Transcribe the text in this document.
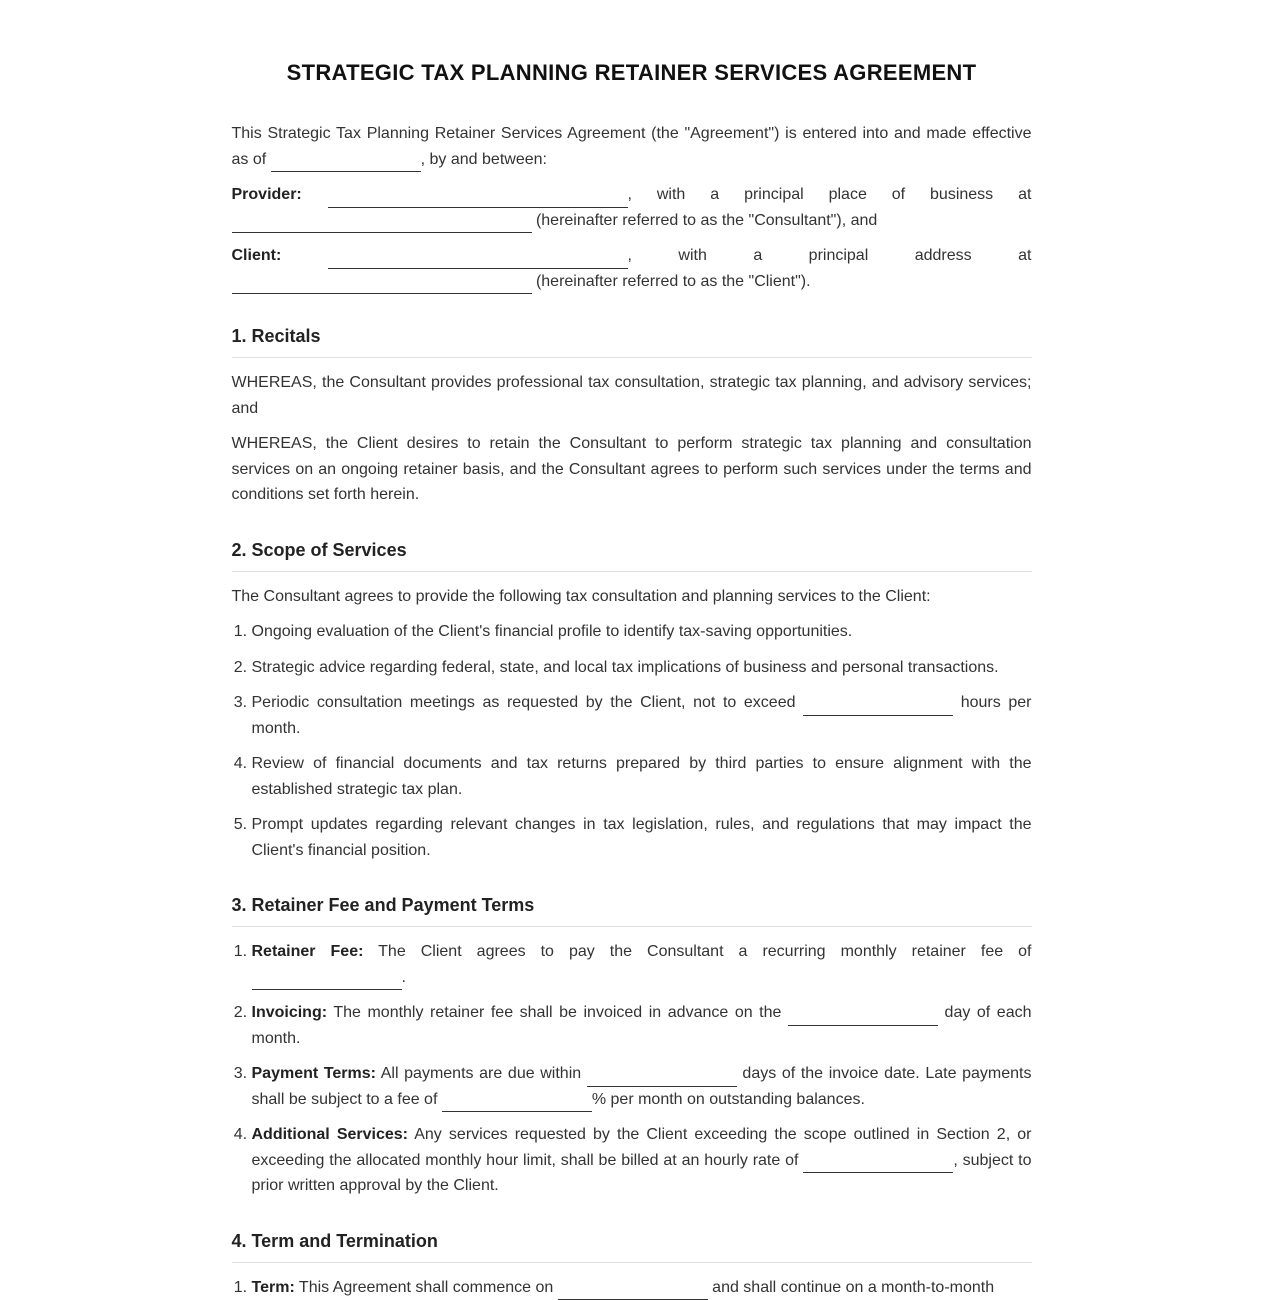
STRATEGIC TAX PLANNING RETAINER SERVICES AGREEMENT

This Strategic Tax Planning Retainer Services Agreement (the "Agreement") is entered into and made effective as of	, by and between:

Provider:	, with a principal place of business at
(hereinafter referred to as the "Consultant"), and
Client:	,	with	a	principal	address	at
(hereinafter referred to as the "Client").
1. Recitals

WHEREAS, the Consultant provides professional tax consultation, strategic tax planning, and advisory services; and

WHEREAS, the Client desires to retain the Consultant to perform strategic tax planning and consultation services on an ongoing retainer basis, and the Consultant agrees to perform such services under the terms and conditions set forth herein.

2. Scope of Services

The Consultant agrees to provide the following tax consultation and planning services to the Client:

1. Ongoing evaluation of the Client's financial profile to identify tax-saving opportunities.
2. Strategic advice regarding federal, state, and local tax implications of business and personal transactions.
3. Periodic consultation meetings as requested by the Client, not to exceed	hours per month.
4. Review of financial documents and tax returns prepared by third parties to ensure alignment with the established strategic tax plan.
5. Prompt updates regarding relevant changes in tax legislation, rules, and regulations that may impact the Client's financial position.
3. Retainer Fee and Payment Terms
1. Retainer Fee: The Client agrees to pay the Consultant a recurring monthly retainer fee of .
2. Invoicing: The monthly retainer fee shall be invoiced in advance on the	day of each month.
3. Payment Terms: All payments are due within	days of the invoice date. Late payments shall be subject to a fee of	% per month on outstanding balances.
4. Additional Services: Any services requested by the Client exceeding the scope outlined in Section 2, or exceeding the allocated monthly hour limit, shall be billed at an hourly rate of	, subject to prior written approval by the Client.
4. Term and Termination
1. Term: This Agreement shall commence on	and shall continue on a month-to-month
